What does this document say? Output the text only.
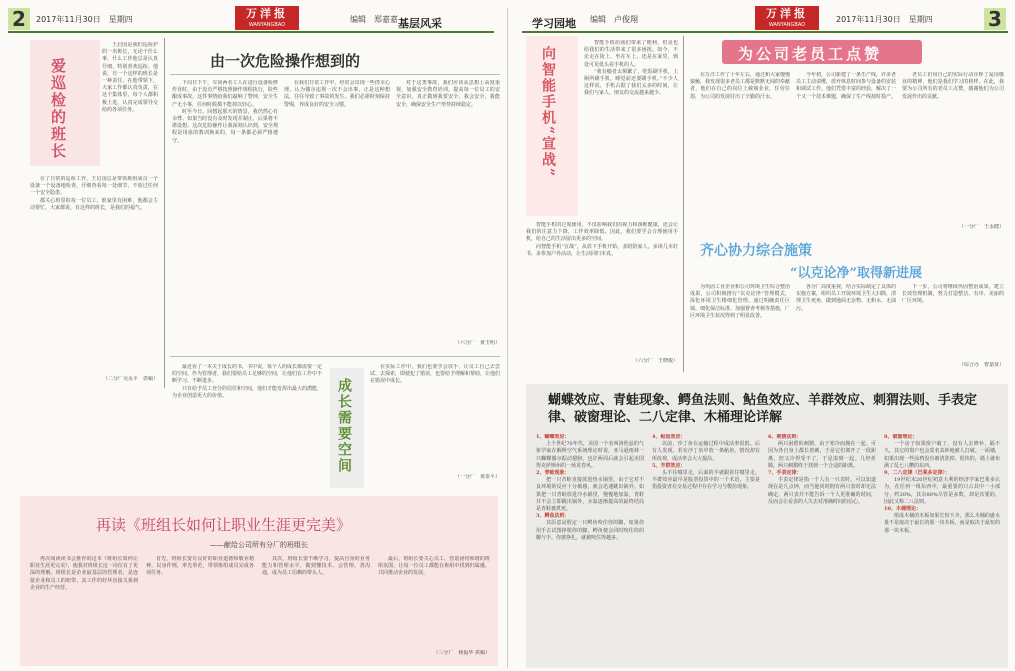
2	2017年11月30日　星期四	万洋报
WANYANGBAO
编辑　郑嘉嘉 基层风采	学习园地 编辑　卢俊翔	万洋报
WANYANGBAO
2017年11月30日　星期四	3
爱巡检的班长

王启国是我们巡检护的一名班长，无论干什么事，什么工作他总是认真仔细，特别喜欢巡检。他说，有一个这样的班长是一种责任，在他带领下，大家工作都认真负责，在这个集体里，每个人都积极上进，认真完成领导交给的各项任务。

在了日常的巡检工作，王启国总是带领班组成员一个设备一个设备地检查，仔细查看每一处细节，不放过任何一个安全隐患。

都关心班里的每一位员工，谁家里有困难，他都会主动帮忙，大家都说，有这样的班长，是我们的福气。

（二分厂吴永平　供稿）
由一次危险操作想到的

下周日下午，车间两名工人在进行设备检修作业时，由于没有严格按照操作规程执行，险些酿成事故。这件事情给我们敲响了警钟，安全生产无小事，任何时候都不能掉以轻心。

时至今日，回想起那天的情景，我仍然心有余悸。如果当时没有及时发现并制止，后果将不堪设想。这次危险操作让我深刻认识到，安全规程是用血的教训换来的，每一条都必须严格遵守。

在我们日常工作中，经常会出现一些侥幸心理，认为偶尔违规一次不会出事，正是这种想法，往往导致了事故的发生。我们必须时刻保持警惕，养成良好的安全习惯。

对于这类事故，我们应该从思想上高度重视，加强安全教育培训，提高每一位员工的安全意识，真正做到我要安全、我会安全、我能安全，确保安全生产形势持续稳定。

（六分厂　黄玉明）

最近看了一本关于成长的书，书中说，每个人的成长都需要一定的空间。作为管理者，我们要给员工足够的空间，让他们在工作中不断学习、不断进步。

只有给予员工充分的信任和空间，他们才能发挥出最大的潜能，为企业创造更大的价值。	成长需要空间

在实际工作中，我们也要学会放手，让员工自己去尝试、去探索，即使犯了错误，也要给予理解和帮助，让他们在错误中成长。

（一分厂　黄泰平）
再读《班组长如何让职业生涯更完美》
——献给公司所有分厂的班组长

再次阅读读书会推荐的这本《班组长如何让职业生涯更完美》，使我对班组长这一岗位有了更深的理解。班组长是企业最基层的管理者，是连接企业和员工的纽带，其工作的好坏直接关系到企业的生产经营。

首先，班组长要有良好的职业道德和敬业精神，以身作则，率先垂范，带领班组成员完成各项任务。

其次，班组长要不断学习，提高自身的业务能力和管理水平，做到懂技术、会管理、善沟通，成为员工信赖的带头人。

最后，班组长要关心员工，营造团结和谐的班组氛围，让每一位员工都能在班组中找到归属感，共同推动企业的发展。

（三分厂　杨福华 供稿）
向智能手机“宣战”

智能手机给我们带来了便利，但是也给我们的生活带来了很多困扰。如今，不论走在街上、坐在车上，还是在家里，到处可见低头看手机的人。

“我有瘾者太频繁了，吃饭刷手机，上厕所刷手机，睡觉前还要刷手机。”不少人这样说。手机占据了我们太多的时间，让我们与家人、朋友的交流越来越少。

智能手机的过度使用，不仅影响我们的视力和颈椎健康，还会让我们的注意力下降，工作效率降低。因此，我们要学会合理使用手机，给自己的生活留出更多的空间。

向智能手机“宣战”，从放下手机开始，多陪陪家人，多读几本好书，多参加户外活动，让生活回归本真。

（六分厂　王晓俊）
为公司老员工点赞

在万洋工作了十年左右，通过和大家慢慢接触，我发现很多老员工都是默默无闻的奉献者，他们在自己的岗位上兢兢业业，任劳任怨，为公司的发展付出了辛勤的汗水。

今年初，公司新建了一条生产线，许多老员工主动请缨，放弃休息时间参与设备的安装和调试工作。他们凭借丰富的经验，解决了一个又一个技术难题，确保了生产线按时投产。

老员工们用自己的实际行动诠释了爱岗敬业的精神，他们是我们学习的榜样。在此，我要为公司所有的老员工点赞，感谢他们为公司发展作出的贡献。

（一分厂　王永健）
齐心协力综合施策
“以克论净”取得新进展

为巩固工业企业和公司环境卫生综合整治成果，公司积极推行“以克论净”管理模式，深化环境卫生精细化管理。通过明确责任区域、细化保洁标准、加强督查考核等措施，厂区环境卫生状况得到了明显改善。

各分厂高度重视，结合实际制定了具体的实施方案，组织员工开展环境卫生大扫除，清理卫生死角，做到地面无杂物、无积水、无油污。

下一步，公司将继续巩固整治成果，建立长效管理机制，努力打造整洁、有序、美丽的厂区环境。

（综合办　曹嘉贤）
蝴蝶效应、青蛙现象、鳄鱼法则、鲇鱼效应、羊群效应、刺猬法则、手表定律、破窗理论、二八定律、木桶理论详解
1、蝴蝶效应：

上个世纪70年代，美国一个名叫洛伦兹的气象学家在解释空气系统理论时说，亚马逊雨林一只蝴蝶偶尔振动翅膀，也许两周后就会引起美国得克萨斯州的一场龙卷风。

2、青蛙现象：

把一只青蛙直接放进热水锅里，由于它对不良环境的反应十分敏感，就会迅速跳出锅外。如果把一只青蛙放进冷水锅里，慢慢地加温，青蛙并不会立即跳出锅外，水温逐渐提高的最终结局是青蛙被煮死。

3、鳄鱼法则：

其原意是假定一只鳄鱼咬住你的脚，如果你用手去试图挣脱你的脚，鳄鱼便会同时咬住你的脚与手。你愈挣扎，就被咬住得越多。

4、鲇鱼效应：

以前，沙丁鱼在运输过程中成活率很低。后有人发现，若在沙丁鱼中放一条鲇鱼，情况却有所改观，成活率会大大提高。

5、羊群效应：

头羊往哪里走，后面的羊就跟着往哪里走。羊群效应最早是股票投资中的一个术语，主要是指投资者在交易过程中存在学习与模仿现象。

6、刺猬法则：

两只困倦的刺猬，由于寒冷而拥在一起。可因为各自身上都长着刺，于是它们离开了一段距离，但又冷得受不了，于是凑到一起。几经折腾，两只刺猬终于找到一个合适的距离。

7、手表定律：

手表定律是指一个人有一只表时，可以知道现在是几点钟，而当他同时拥有两只表时却无法确定。两只表并不能告诉一个人更准确的时间，反而会让看表的人失去对准确时间的信心。

8、破窗理论：

一个房子如果窗户破了，没有人去修补，隔不久，其它的窗户也会莫名其妙地被人打破。一面墙，如果出现一些涂鸦没有被清洗掉，很快的，墙上就布满了乱七八糟的东西。

9、二八定律（巴莱多定律）：

19世纪末20世纪初意大利的经济学家巴莱多认为，在任何一组东西中，最重要的只占其中一小部分，约20%，其余80%尽管是多数，却是次要的，因此又称二八法则。

10、木桶理论：

组成木桶的木板如果长短不齐，那么木桶的盛水量不是取决于最长的那一块木板，而是取决于最短的那一块木板。
